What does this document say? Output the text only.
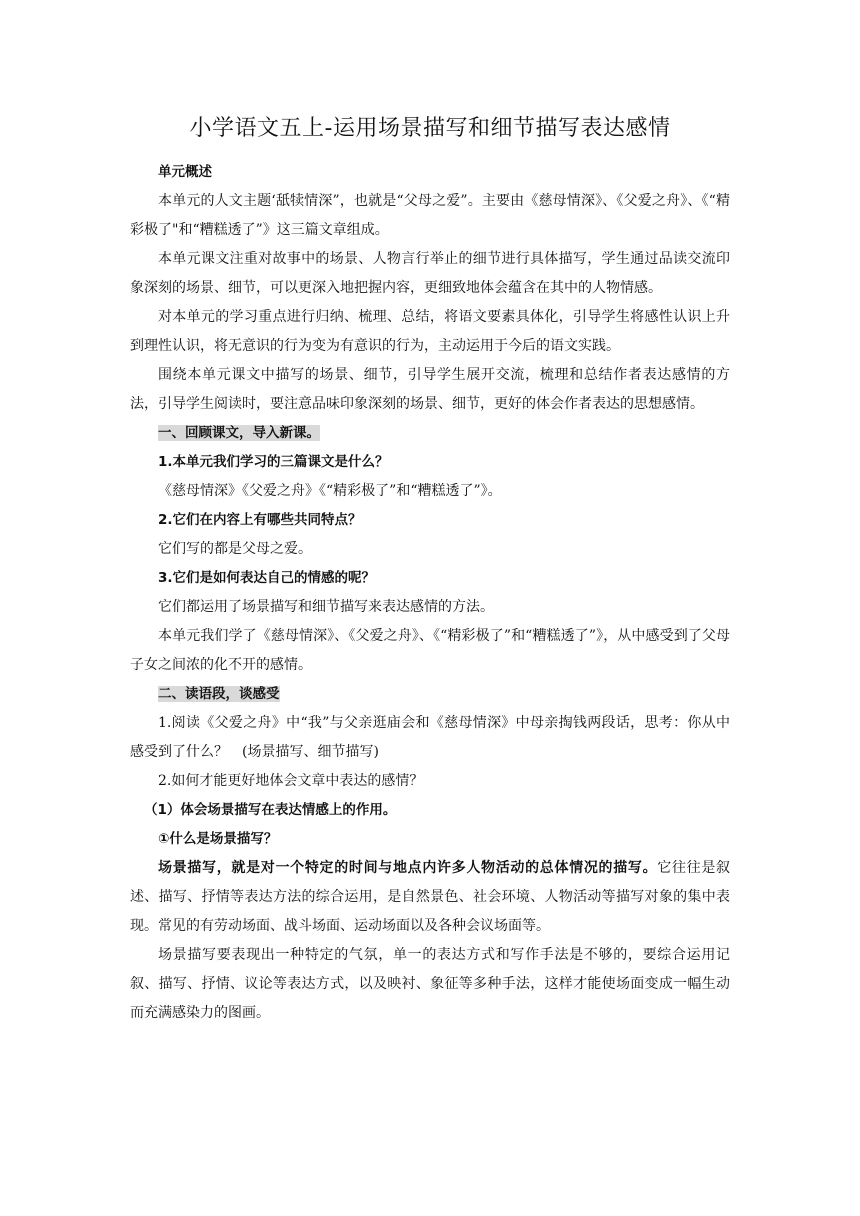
小学语文五上-运用场景描写和细节描写表达感情

单元概述

本单元的人文主题‘舐犊情深”，也就是“父母之爱”。主要由《慈母情深》、《父爱之舟》、《“精彩极了"和“糟糕透了”》这三篇文章组成。

本单元课文注重对故事中的场景、人物言行举止的细节进行具体描写，学生通过品读交流印象深刻的场景、细节，可以更深入地把握内容，更细致地体会蕴含在其中的人物情感。

对本单元的学习重点进行归纳、梳理、总结，将语文要素具体化，引导学生将感性认识上升到理性认识，将无意识的行为变为有意识的行为，主动运用于今后的语文实践。

围绕本单元课文中描写的场景、细节，引导学生展开交流，梳理和总结作者表达感情的方法，引导学生阅读时，要注意品味印象深刻的场景、细节，更好的体会作者表达的思想感情。

一、回顾课文，导入新课。

1.本单元我们学习的三篇课文是什么？

《慈母情深》《父爱之舟》《“精彩极了”和“糟糕透了”》。

2.它们在内容上有哪些共同特点？

它们写的都是父母之爱。

3.它们是如何表达自己的情感的呢？

它们都运用了场景描写和细节描写来表达感情的方法。

本单元我们学了《慈母情深》、《父爱之舟》、《“精彩极了”和“糟糕透了”》，从中感受到了父母子女之间浓的化不开的感情。

二、读语段，谈感受

1.阅读《父爱之舟》中“我”与父亲逛庙会和《慈母情深》中母亲掏钱两段话，思考：你从中感受到了什么？　(场景描写、细节描写)

2.如何才能更好地体会文章中表达的感情？

（1）体会场景描写在表达情感上的作用。

①什么是场景描写？

场景描写，就是对一个特定的时间与地点内许多人物活动的总体情况的描写。它往往是叙述、描写、抒情等表达方法的综合运用，是自然景色、社会环境、人物活动等描写对象的集中表现。常见的有劳动场面、战斗场面、运动场面以及各种会议场面等。

场景描写要表现出一种特定的气氛，单一的表达方式和写作手法是不够的，要综合运用记叙、描写、抒情、议论等表达方式，以及映衬、象征等多种手法，这样才能使场面变成一幅生动而充满感染力的图画。
